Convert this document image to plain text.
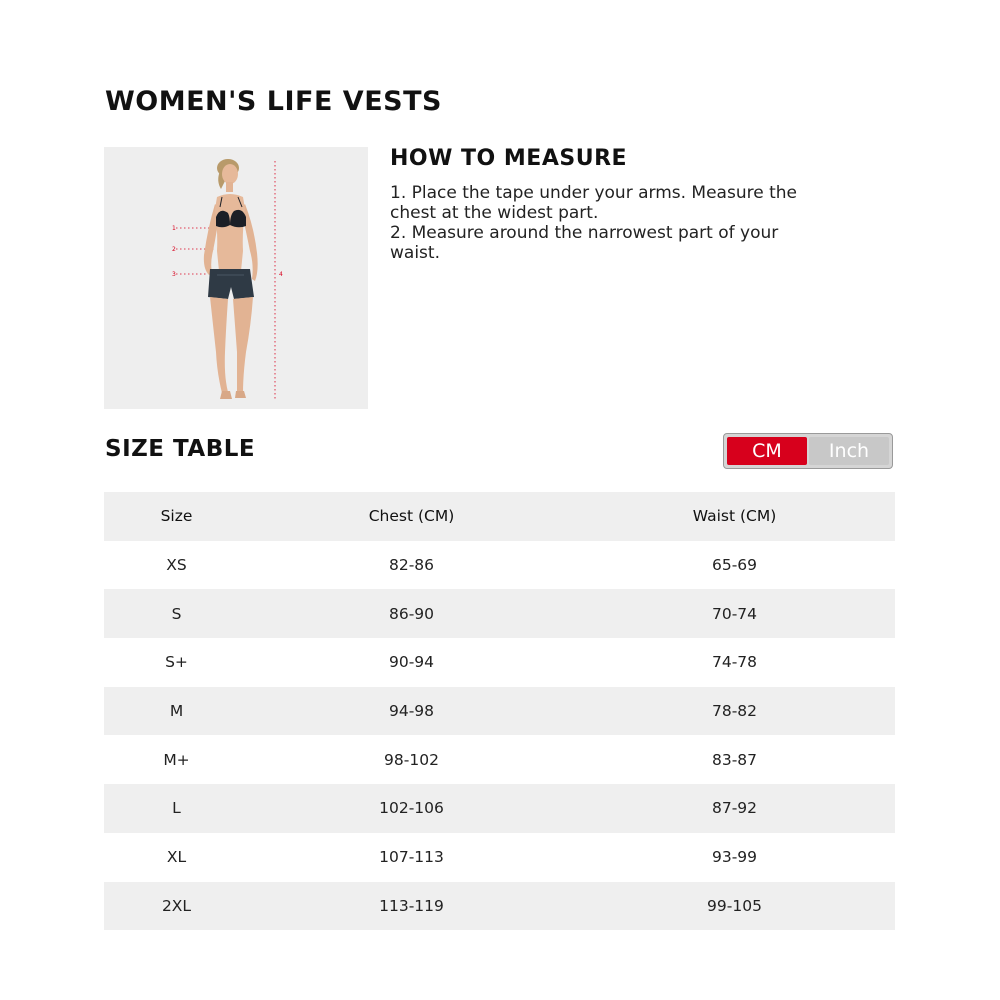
WOMEN'S LIFE VESTS
1
2
3	4
HOW TO MEASURE

1. Place the tape under your arms. Measure the

chest at the widest part.

2. Measure around the narrowest part of your

waist.

SIZE TABLE	CM	Inch
Size	Chest (CM)	Waist (CM)
XS	82-86	65-69
S	86-90	70-74
S+	90-94	74-78
M	94-98	78-82
M+	98-102	83-87
L	102-106	87-92
XL	107-113	93-99
2XL	113-119	99-105
